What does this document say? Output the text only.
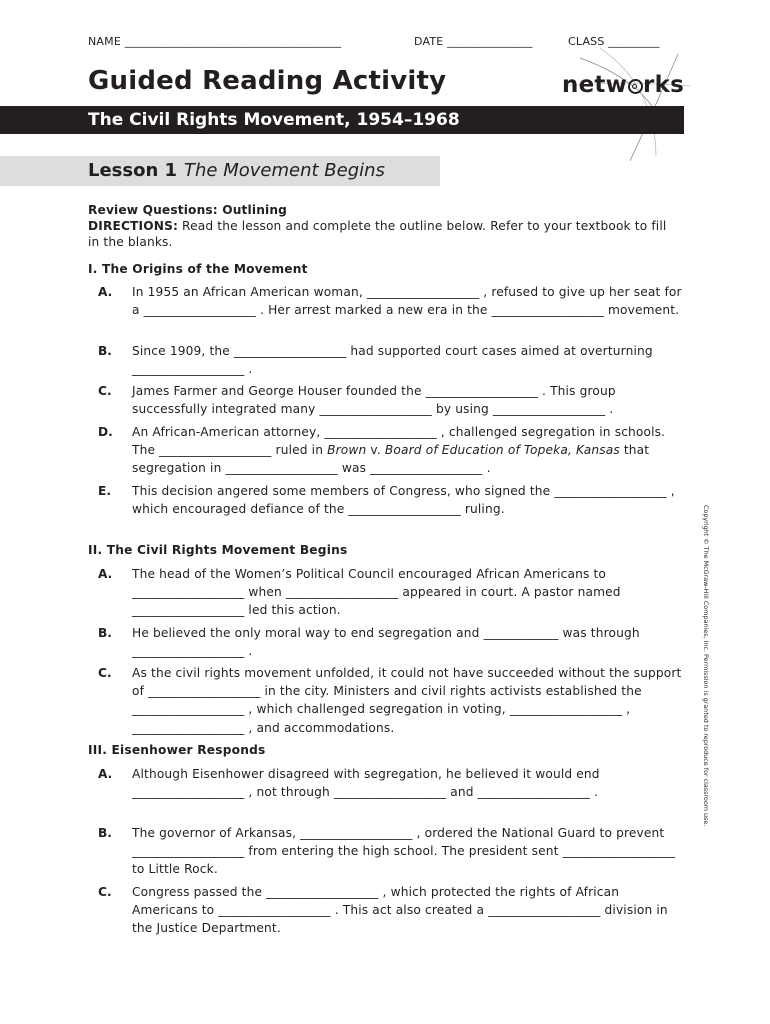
NAME ______________________________________	DATE _______________	CLASS _________
Guided Reading Activity	netw rks
The Civil Rights Movement, 1954–1968
Lesson 1 The Movement Begins
Review Questions: Outlining
DIRECTIONS: Read the lesson and complete the outline below. Refer to your textbook to fill in the blanks.
I. The Origins of the Movement
A. In 1955 an African American woman, __________________ , refused to give up her seat for a __________________ . Her arrest marked a new era in the __________________ movement.
B. Since 1909, the __________________ had supported court cases aimed at overturning __________________ .
C. James Farmer and George Houser founded the __________________ . This group successfully integrated many __________________ by using __________________ .
D. An African-American attorney, __________________ , challenged segregation in schools. The __________________ ruled in Brown v. Board of Education of Topeka, Kansas that segregation in __________________ was __________________ .
E. This decision angered some members of Congress, who signed the __________________ , which encouraged defiance of the __________________ ruling.
II. The Civil Rights Movement Begins
A. The head of the Women’s Political Council encouraged African Americans to __________________ when __________________ appeared in court. A pastor named __________________ led this action.
B. He believed the only moral way to end segregation and ____________ was through __________________ .
C. As the civil rights movement unfolded, it could not have succeeded without the support of __________________ in the city. Ministers and civil rights activists established the __________________ , which challenged segregation in voting, __________________ , __________________ , and accommodations.
III. Eisenhower Responds
A. Although Eisenhower disagreed with segregation, he believed it would end __________________ , not through __________________ and __________________ .
B. The governor of Arkansas, __________________ , ordered the National Guard to prevent __________________ from entering the high school. The president sent __________________ to Little Rock.
C. Congress passed the __________________ , which protected the rights of African Americans to __________________ . This act also created a __________________ division in the Justice Department.
Copyright © The McGraw-Hill Companies, Inc. Permission is granted to reproduce for classroom use.
